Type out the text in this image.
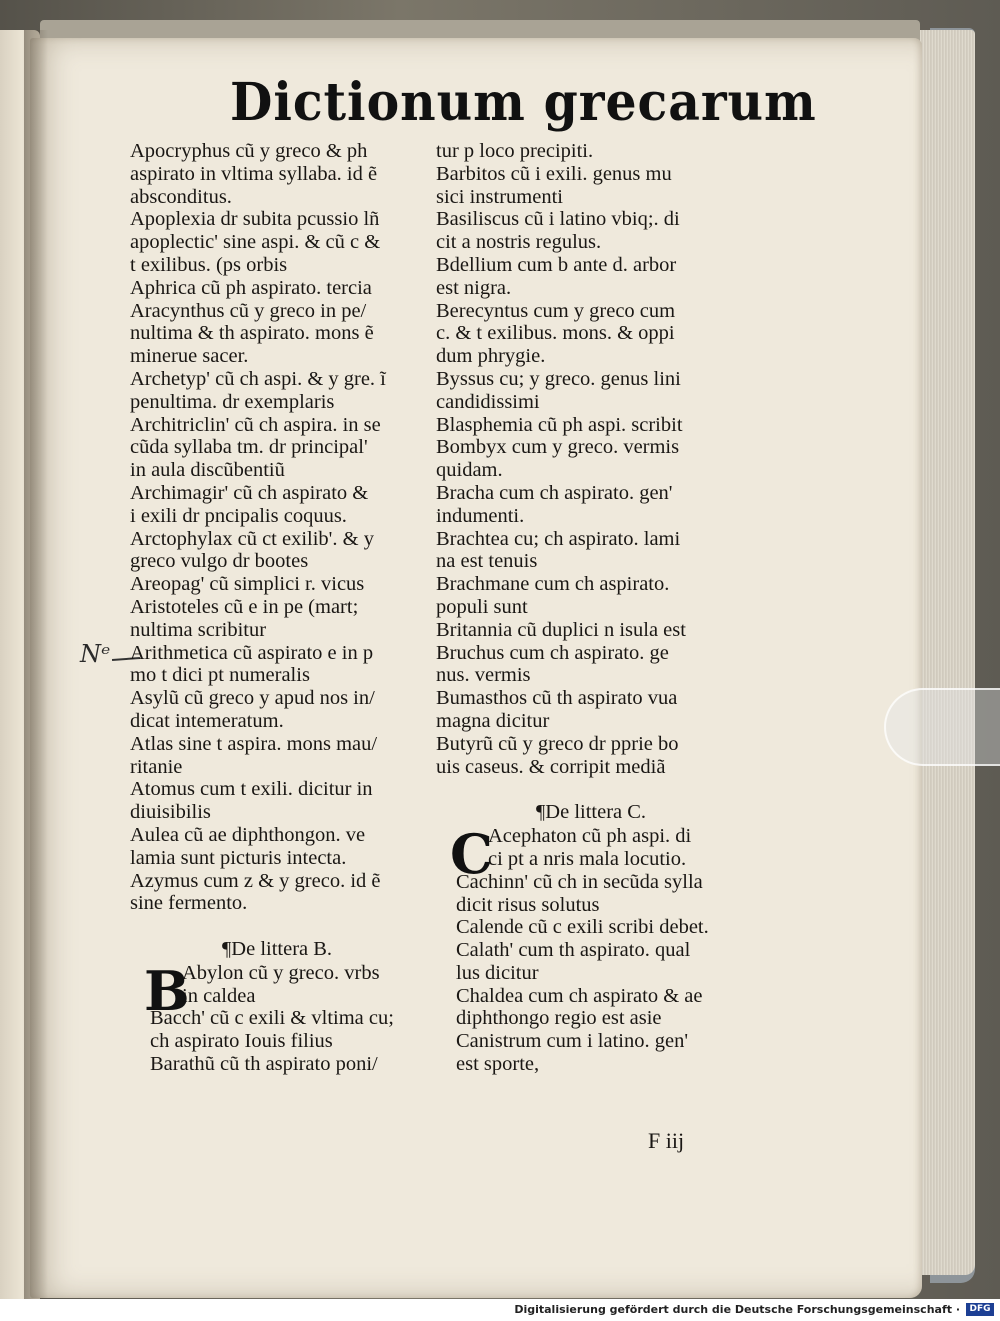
Dictionum grecarum
Nᵉ
Apocryphus cũ y greco & ph
aspirato in vltima syllaba. id ẽ
absconditus.
Apoplexia dr subita pcussio lñ
apoplectic' sine aspi. & cũ c &
t exilibus. (ps orbis
Aphrica cũ ph aspirato. tercia
Aracynthus cũ y greco in pe/
nultima & th aspirato. mons ẽ
minerue sacer.
Archetyp' cũ ch aspi. & y gre. ĩ
penultima. dr exemplaris
Architriclin' cũ ch aspira. in se
cũda syllaba tm. dr principal'
in aula discũbentiũ
Archimagir' cũ ch aspirato &
i exili dr pncipalis coquus.
Arctophylax cũ ct exilib'. & y
greco vulgo dr bootes
Areopag' cũ simplici r. vicus
Aristoteles cũ e in pe (mart;
nultima scribitur
Arithmetica cũ aspirato e in p
mo t dici pt numeralis
Asylũ cũ greco y apud nos in/
dicat intemeratum.
Atlas sine t aspira. mons mau/
ritanie
Atomus cum t exili. dicitur in
diuisibilis
Aulea cũ ae diphthongon. ve
lamia sunt picturis intecta.
Azymus cum z & y greco. id ẽ
sine fermento.
¶De littera B.
B
Abylon cũ y greco. vrbs
in caldea
Bacch' cũ c exili & vltima cu;
ch aspirato Iouis filius
Barathũ cũ th aspirato poni/
tur p loco precipiti.
Barbitos cũ i exili. genus mu
sici instrumenti
Basiliscus cũ i latino vbiq;. di
cit a nostris regulus.
Bdellium cum b ante d. arbor
est nigra.
Berecyntus cum y greco cum
c. & t exilibus. mons. & oppi
dum phrygie.
Byssus cu; y greco. genus lini
candidissimi
Blasphemia cũ ph aspi. scribit
Bombyx cum y greco. vermis
quidam.
Bracha cum ch aspirato. gen'
indumenti.
Brachtea cu; ch aspirato. lami
na est tenuis
Brachmane cum ch aspirato.
populi sunt
Britannia cũ duplici n isula est
Bruchus cum ch aspirato. ge
nus. vermis
Bumasthos cũ th aspirato vua
magna dicitur
Butyrũ cũ y greco dr pprie bo
uis caseus. & corripit mediã
¶De littera C.
C
Acephaton cũ ph aspi. di
ci pt a nris mala locutio.
Cachinn' cũ ch in secũda sylla
dicit risus solutus
Calende cũ c exili scribi debet.
Calath' cum th aspirato. qual
lus dicitur
Chaldea cum ch aspirato & ae
diphthongo regio est asie
Canistrum cum i latino. gen'
est sporte,
F iij
Digitalisierung gefördert durch die Deutsche Forschungsgemeinschaft ·	DFG
